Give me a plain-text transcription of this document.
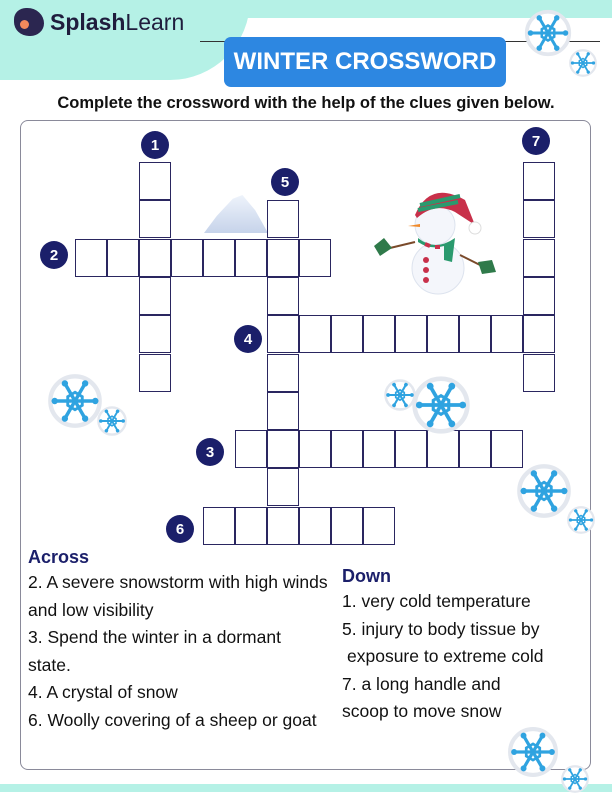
SplashLearn
WINTER CROSSWORD
Complete the crossword with the help of the clues given below.
1	7
5
2
4
3
6
Across
2. A severe snowstorm with high winds and low visibility
3. Spend the winter in a dormant state.
4. A crystal of snow
6. Woolly covering of a sheep or goat
Down
1. very cold temperature
5. injury to body tissue by
exposure to extreme cold
7. a long handle and
scoop to move snow
